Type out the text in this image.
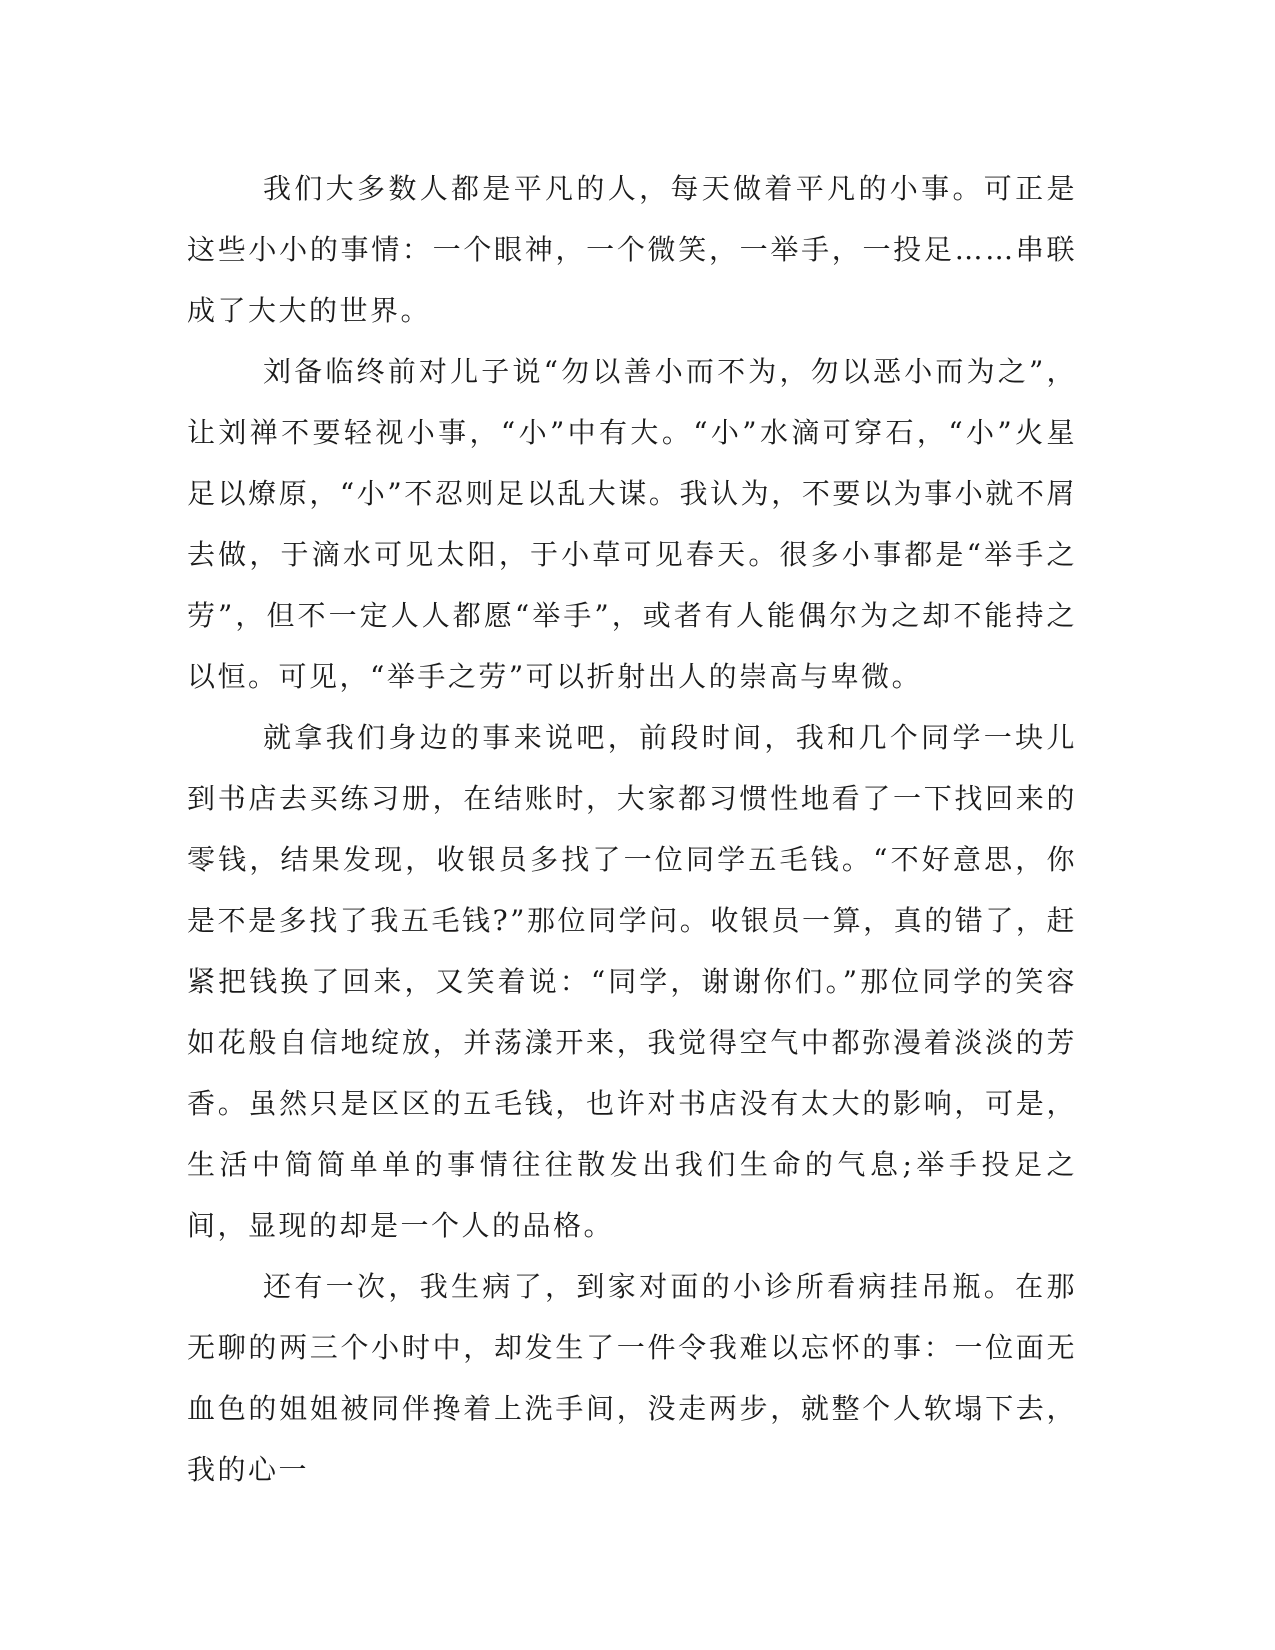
我们大多数人都是平凡的人，每天做着平凡的小事。可正是这些小小的事情：一个眼神，一个微笑，一举手，一投足……串联成了大大的世界。

刘备临终前对儿子说“勿以善小而不为，勿以恶小而为之”，让刘禅不要轻视小事，“小”中有大。“小”水滴可穿石，“小”火星足以燎原，“小”不忍则足以乱大谋。我认为，不要以为事小就不屑去做，于滴水可见太阳，于小草可见春天。很多小事都是“举手之劳”，但不一定人人都愿“举手”，或者有人能偶尔为之却不能持之以恒。可见，“举手之劳”可以折射出人的崇高与卑微。

就拿我们身边的事来说吧，前段时间，我和几个同学一块儿到书店去买练习册，在结账时，大家都习惯性地看了一下找回来的零钱，结果发现，收银员多找了一位同学五毛钱。“不好意思，你是不是多找了我五毛钱?”那位同学问。收银员一算，真的错了，赶紧把钱换了回来，又笑着说：“同学，谢谢你们。”那位同学的笑容如花般自信地绽放，并荡漾开来，我觉得空气中都弥漫着淡淡的芳香。虽然只是区区的五毛钱，也许对书店没有太大的影响，可是，生活中简简单单的事情往往散发出我们生命的气息;举手投足之间，显现的却是一个人的品格。

还有一次，我生病了，到家对面的小诊所看病挂吊瓶。在那无聊的两三个小时中，却发生了一件令我难以忘怀的事：一位面无血色的姐姐被同伴搀着上洗手间，没走两步，就整个人软塌下去，我的心一
